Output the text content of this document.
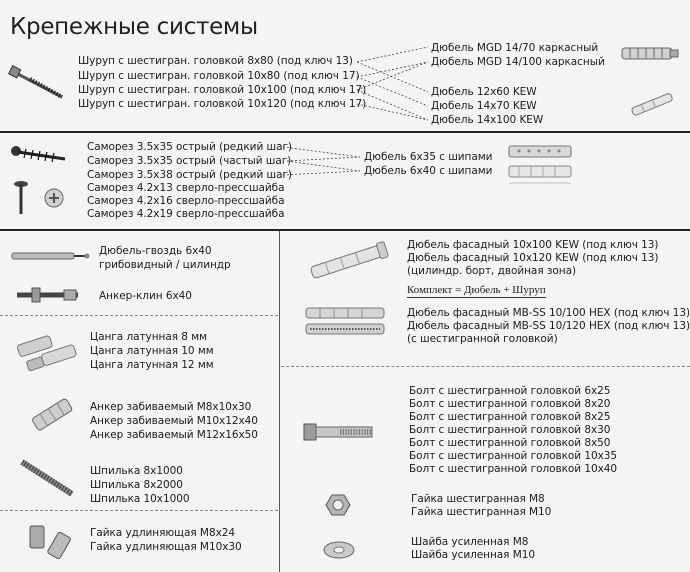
Крепежные системы
Шуруп с шестигран. головкой 8х80 (под ключ 13)
Шуруп с шестигран. головкой 10х80 (под ключ 17)
Шуруп с шестигран. головкой 10х100 (под ключ 17)
Шуруп с шестигран. головкой 10х120 (под ключ 17)
Дюбель MGD 14/70 каркасный
Дюбель MGD 14/100 каркасный
Дюбель 12х60 KEW
Дюбель 14х70 KEW
Дюбель 14х100 KEW
Саморез 3.5х35 острый (редкий шаг)
Саморез 3.5х35 острый (частый шаг)
Саморез 3.5х38 острый (редкий шаг)
Саморез 4.2х13 сверло-прессшайба
Саморез 4.2х16 сверло-прессшайба
Саморез 4.2х19 сверло-прессшайба
Дюбель 6х35 с шипами
Дюбель 6х40 с шипами
Дюбель-гвоздь 6х40
грибовидный / цилиндр
Анкер-клин 6х40
Цанга латунная 8 мм
Цанга латунная 10 мм
Цанга латунная 12 мм
Анкер забиваемый М8х10х30
Анкер забиваемый М10х12х40
Анкер забиваемый М12х16х50
Шпилька 8х1000
Шпилька 8х2000
Шпилька 10х1000
Гайка удлиняющая М8х24
Гайка удлиняющая М10х30
Дюбель фасадный 10х100 KEW (под ключ 13)
Дюбель фасадный 10х120 KEW (под ключ 13)
(цилиндр. борт, двойная зона)
Комплект = Дюбель + Шуруп
Дюбель фасадный MB-SS 10/100 HEX (под ключ 13)
Дюбель фасадный MB-SS 10/120 HEX (под ключ 13)
(с шестигранной головкой)
Болт с шестигранной головкой 6х25
Болт с шестигранной головкой 8х20
Болт с шестигранной головкой 8х25
Болт с шестигранной головкой 8х30
Болт с шестигранной головкой 8х50
Болт с шестигранной головкой 10х35
Болт с шестигранной головкой 10х40
Гайка шестигранная М8
Гайка шестигранная М10
Шайба усиленная М8
Шайба усиленная М10
